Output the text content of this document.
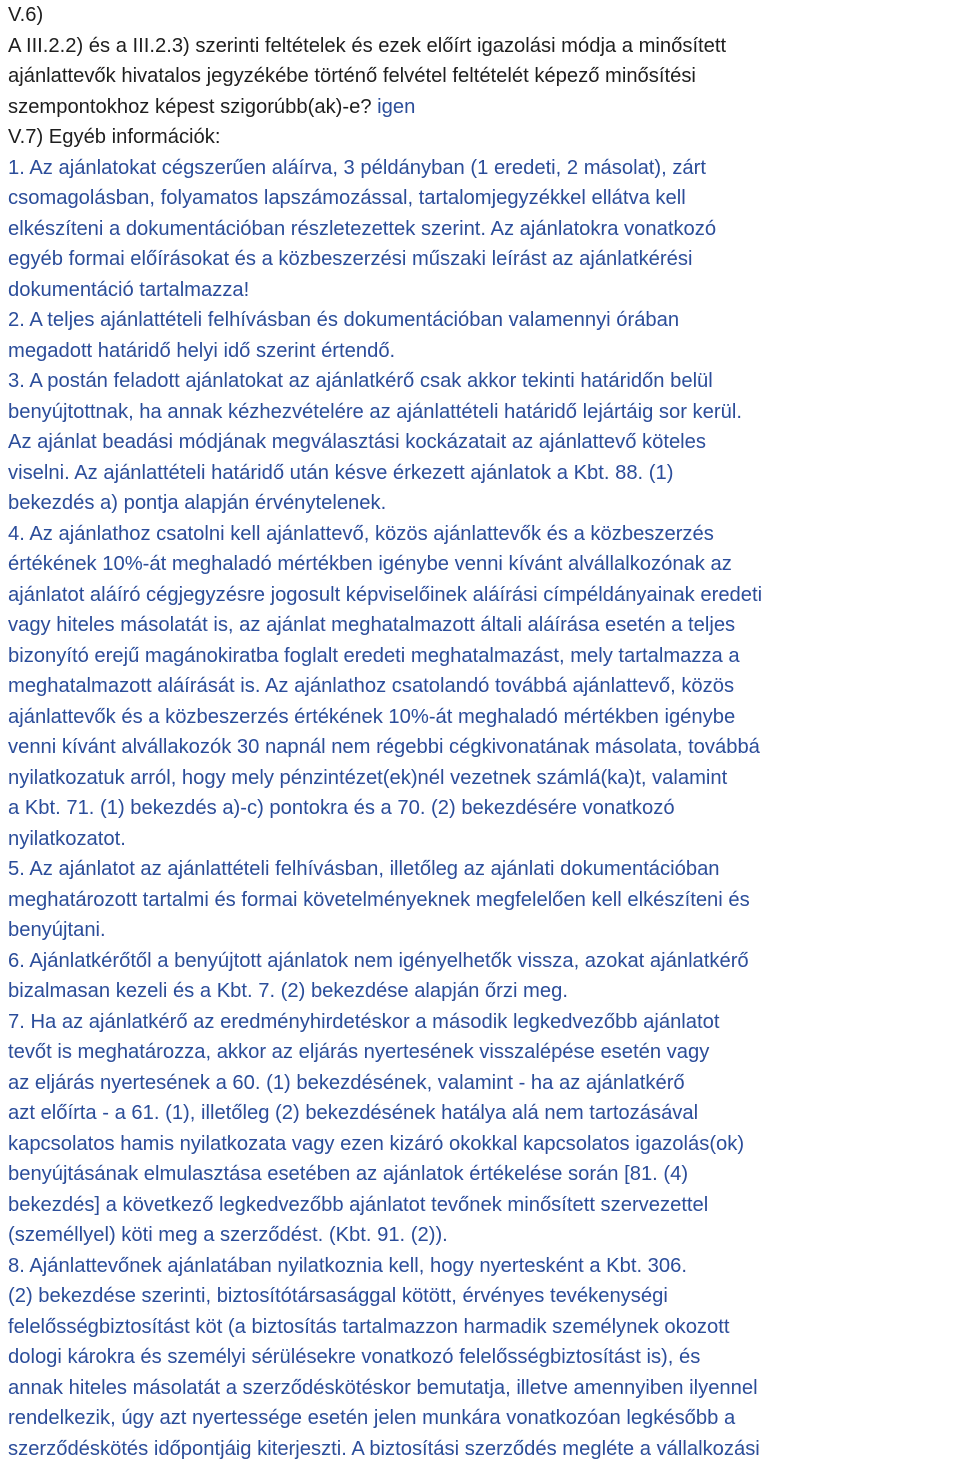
V.6)
A III.2.2) és a III.2.3) szerinti feltételek és ezek előírt igazolási módja a minősített
ajánlattevők hivatalos jegyzékébe történő felvétel feltételét képező minősítési
szempontokhoz képest szigorúbb(ak)-e? igen
V.7) Egyéb információk:
1. Az ajánlatokat cégszerűen aláírva, 3 példányban (1 eredeti, 2 másolat), zárt
csomagolásban, folyamatos lapszámozással, tartalomjegyzékkel ellátva kell
elkészíteni a dokumentációban részletezettek szerint. Az ajánlatokra vonatkozó
egyéb formai előírásokat és a közbeszerzési műszaki leírást az ajánlatkérési
dokumentáció tartalmazza!
2. A teljes ajánlattételi felhívásban és dokumentációban valamennyi órában
megadott határidő helyi idő szerint értendő.
3. A postán feladott ajánlatokat az ajánlatkérő csak akkor tekinti határidőn belül
benyújtottnak, ha annak kézhezvételére az ajánlattételi határidő lejártáig sor kerül.
Az ajánlat beadási módjának megválasztási kockázatait az ajánlattevő köteles
viselni. Az ajánlattételi határidő után késve érkezett ajánlatok a Kbt. 88. (1)
bekezdés a) pontja alapján érvénytelenek.
4. Az ajánlathoz csatolni kell ajánlattevő, közös ajánlattevők és a közbeszerzés
értékének 10%-át meghaladó mértékben igénybe venni kívánt alvállalkozónak az
ajánlatot aláíró cégjegyzésre jogosult képviselőinek aláírási címpéldányainak eredeti
vagy hiteles másolatát is, az ajánlat meghatalmazott általi aláírása esetén a teljes
bizonyító erejű magánokiratba foglalt eredeti meghatalmazást, mely tartalmazza a
meghatalmazott aláírását is. Az ajánlathoz csatolandó továbbá ajánlattevő, közös
ajánlattevők és a közbeszerzés értékének 10%-át meghaladó mértékben igénybe
venni kívánt alvállakozók 30 napnál nem régebbi cégkivonatának másolata, továbbá
nyilatkozatuk arról, hogy mely pénzintézet(ek)nél vezetnek számlá(ka)t, valamint
a Kbt. 71. (1) bekezdés a)-c) pontokra és a 70. (2) bekezdésére vonatkozó
nyilatkozatot.
5. Az ajánlatot az ajánlattételi felhívásban, illetőleg az ajánlati dokumentációban
meghatározott tartalmi és formai követelményeknek megfelelően kell elkészíteni és
benyújtani.
6. Ajánlatkérőtől a benyújtott ajánlatok nem igényelhetők vissza, azokat ajánlatkérő
bizalmasan kezeli és a Kbt. 7. (2) bekezdése alapján őrzi meg.
7. Ha az ajánlatkérő az eredményhirdetéskor a második legkedvezőbb ajánlatot
tevőt is meghatározza, akkor az eljárás nyertesének visszalépése esetén vagy
az eljárás nyertesének a 60. (1) bekezdésének, valamint - ha az ajánlatkérő
azt előírta - a 61. (1), illetőleg (2) bekezdésének hatálya alá nem tartozásával
kapcsolatos hamis nyilatkozata vagy ezen kizáró okokkal kapcsolatos igazolás(ok)
benyújtásának elmulasztása esetében az ajánlatok értékelése során [81. (4)
bekezdés] a következő legkedvezőbb ajánlatot tevőnek minősített szervezettel
(személlyel) köti meg a szerződést. (Kbt. 91. (2)).
8. Ajánlattevőnek ajánlatában nyilatkoznia kell, hogy nyertesként a Kbt. 306.
(2) bekezdése szerinti, biztosítótársasággal kötött, érvényes tevékenységi
felelősségbiztosítást köt (a biztosítás tartalmazzon harmadik személynek okozott
dologi károkra és személyi sérülésekre vonatkozó felelősségbiztosítást is), és
annak hiteles másolatát a szerződéskötéskor bemutatja, illetve amennyiben ilyennel
rendelkezik, úgy azt nyertessége esetén jelen munkára vonatkozóan legkésőbb a
szerződéskötés időpontjáig kiterjeszti. A biztosítási szerződés megléte a vállalkozási
